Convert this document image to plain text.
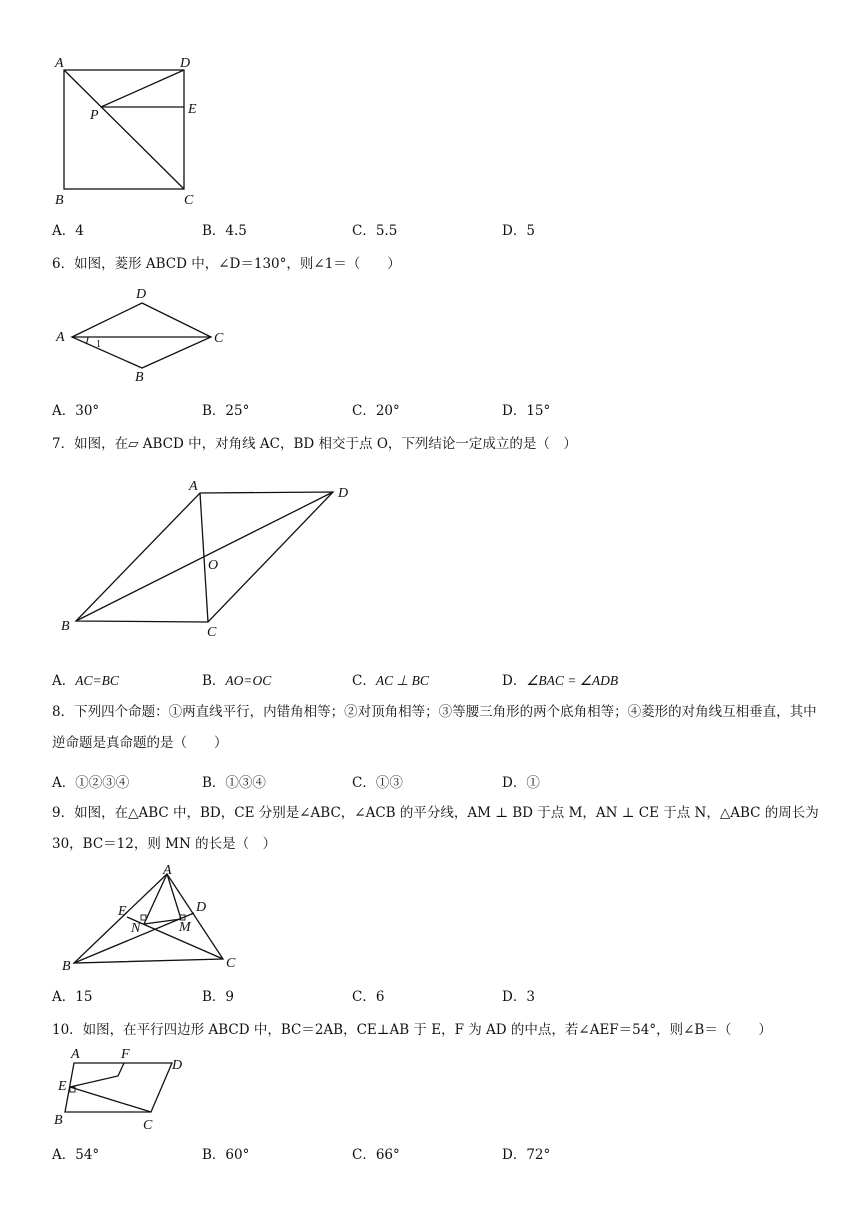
A	D
P	E
B	C
A．4	B．4.5	C．5.5	D．5
6．如图，菱形 ABCD 中，∠D＝130°，则∠1＝（　　）
A
D
C
B
1
A．30°	B．25°	C．20°	D．15°
7．如图，在▱ ABCD 中，对角线 AC，BD 相交于点 O，下列结论一定成立的是（　）
A	D
O
B	C
A．AC=BC	B．AO=OC	C．AC ⊥ BC	D．∠BAC = ∠ADB
8．下列四个命题：①两直线平行，内错角相等；②对顶角相等；③等腰三角形的两个底角相等；④菱形的对角线互相垂直，其中逆命题是真命题的是（　　）
A．①②③④	B．①③④	C．①③	D．①
9．如图，在△ABC 中，BD，CE 分别是∠ABC，∠ACB 的平分线，AM ⊥ BD 于点 M，AN ⊥ CE 于点 N，△ABC 的周长为 30，BC＝12，则 MN 的长是（　）
A
E	D
N	M
B	C
A．15	B．9	C．6	D．3
10．如图，在平行四边形 ABCD 中，BC＝2AB，CE⊥AB 于 E，F 为 AD 的中点，若∠AEF＝54°，则∠B＝（　　）
A	F
D
E
B	C
A．54°	B．60°	C．66°	D．72°
